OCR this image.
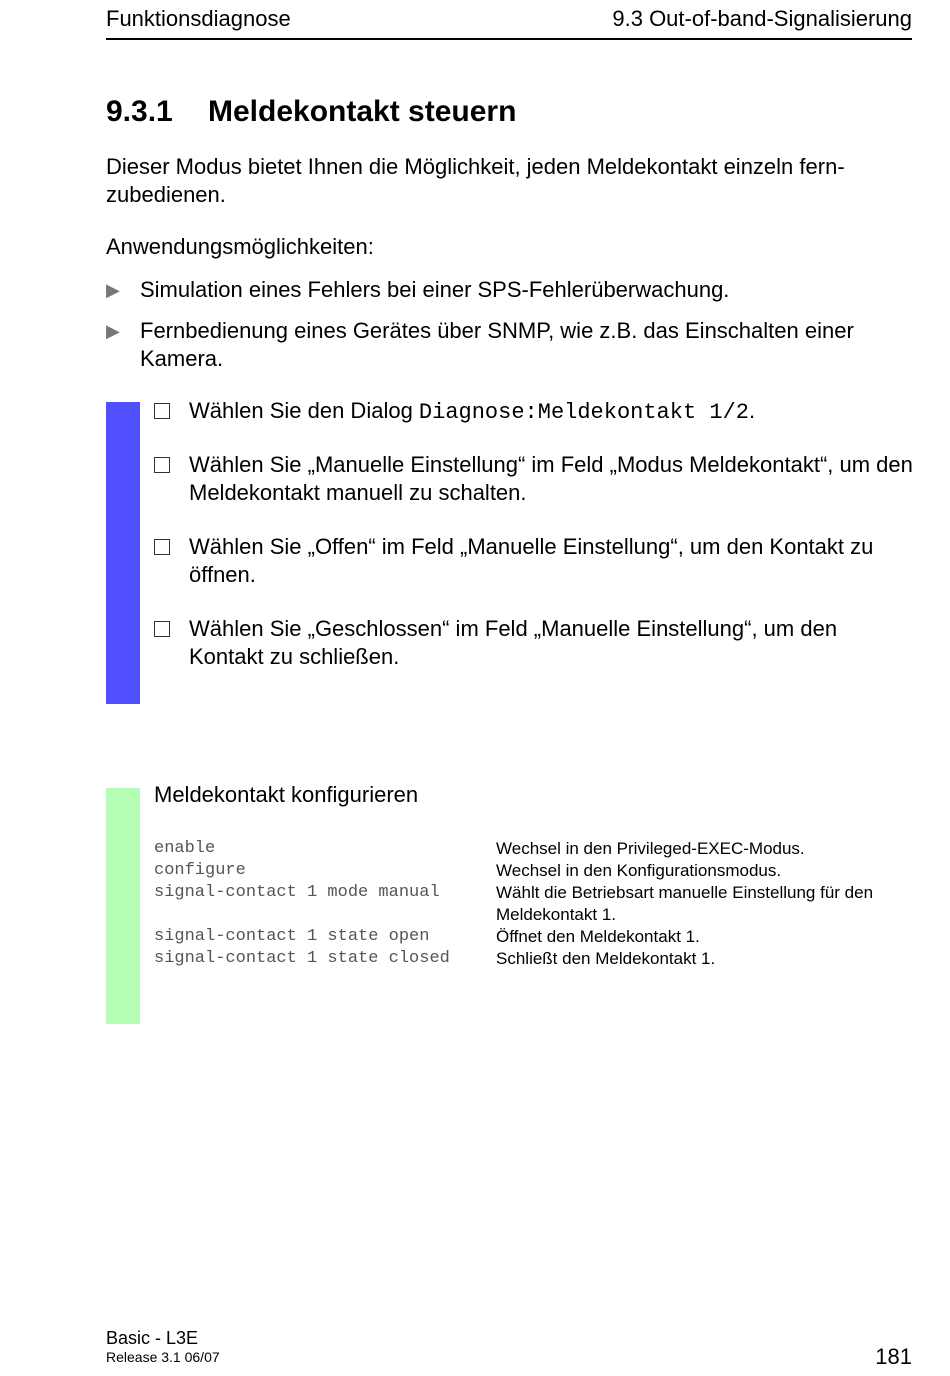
Funktionsdiagnose	9.3 Out-of-band-Signalisierung
9.3.1 Meldekontakt steuern
Dieser Modus bietet Ihnen die Möglichkeit, jeden Meldekontakt einzeln fernzubedienen.
Anwendungsmöglichkeiten:
▶ Simulation eines Fehlers bei einer SPS-Fehlerüberwachung.
▶ Fernbedienung eines Gerätes über SNMP, wie z.B. das Einschalten einer Kamera.
Wählen Sie den Dialog Diagnose:Meldekontakt 1/2.
Wählen Sie „Manuelle Einstellung“ im Feld „Modus Meldekontakt“, um den Meldekontakt manuell zu schalten.
Wählen Sie „Offen“ im Feld „Manuelle Einstellung“, um den Kontakt zu öffnen.
Wählen Sie „Geschlossen“ im Feld „Manuelle Einstellung“, um den Kontakt zu schließen.
Meldekontakt konfigurieren
enable	Wechsel in den Privileged-EXEC-Modus.
configure	Wechsel in den Konfigurationsmodus.
signal-contact 1 mode manual	Wählt die Betriebsart manuelle Einstellung für den Meldekontakt 1.
signal-contact 1 state open	Öffnet den Meldekontakt 1.
signal-contact 1 state closed	Schließt den Meldekontakt 1.
Basic - L3E
Release 3.1 06/07	181
